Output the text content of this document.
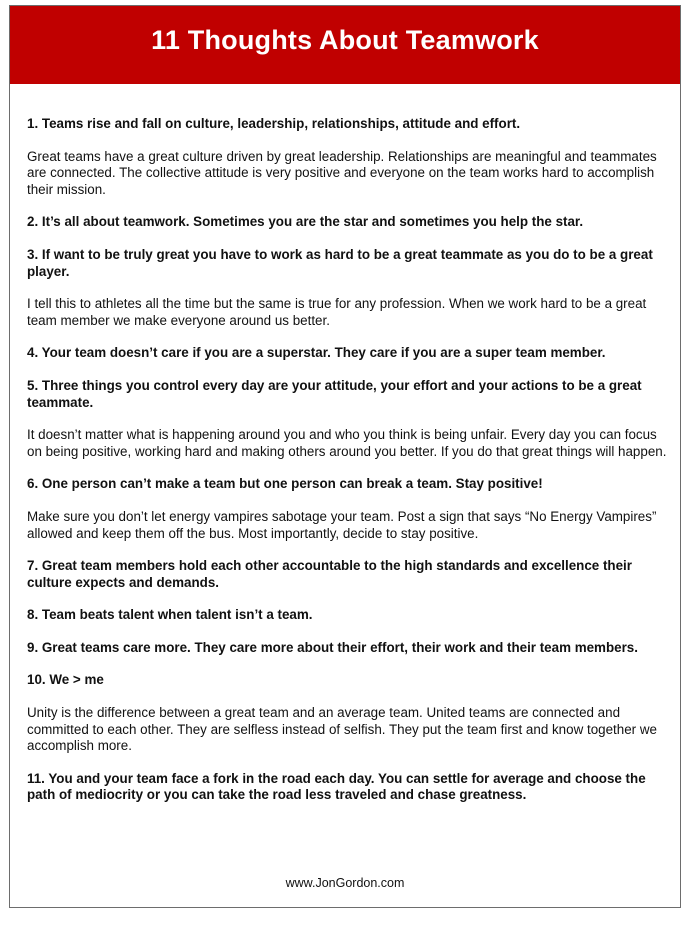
11 Thoughts About Teamwork

1. Teams rise and fall on culture, leadership, relationships, attitude and effort.

Great teams have a great culture driven by great leadership. Relationships are meaningful and teammates are connected. The collective attitude is very positive and everyone on the team works hard to accomplish their mission.

2. It’s all about teamwork. Sometimes you are the star and sometimes you help the star.

3. If want to be truly great you have to work as hard to be a great teammate as you do to be a great player.

I tell this to athletes all the time but the same is true for any profession. When we work hard to be a great team member we make everyone around us better.

4. Your team doesn’t care if you are a superstar. They care if you are a super team member.

5. Three things you control every day are your attitude, your effort and your actions to be a great teammate.

It doesn’t matter what is happening around you and who you think is being unfair. Every day you can focus on being positive, working hard and making others around you better. If you do that great things will happen.

6. One person can’t make a team but one person can break a team. Stay positive!

Make sure you don’t let energy vampires sabotage your team. Post a sign that says “No Energy Vampires” allowed and keep them off the bus. Most importantly, decide to stay positive.

7. Great team members hold each other accountable to the high standards and excellence their culture expects and demands.

8. Team beats talent when talent isn’t a team.

9. Great teams care more. They care more about their effort, their work and their team members.

10. We > me

Unity is the difference between a great team and an average team. United teams are connected and committed to each other. They are selfless instead of selfish. They put the team first and know together we accomplish more.

11. You and your team face a fork in the road each day. You can settle for average and choose the path of mediocrity or you can take the road less traveled and chase greatness.

www.JonGordon.com
